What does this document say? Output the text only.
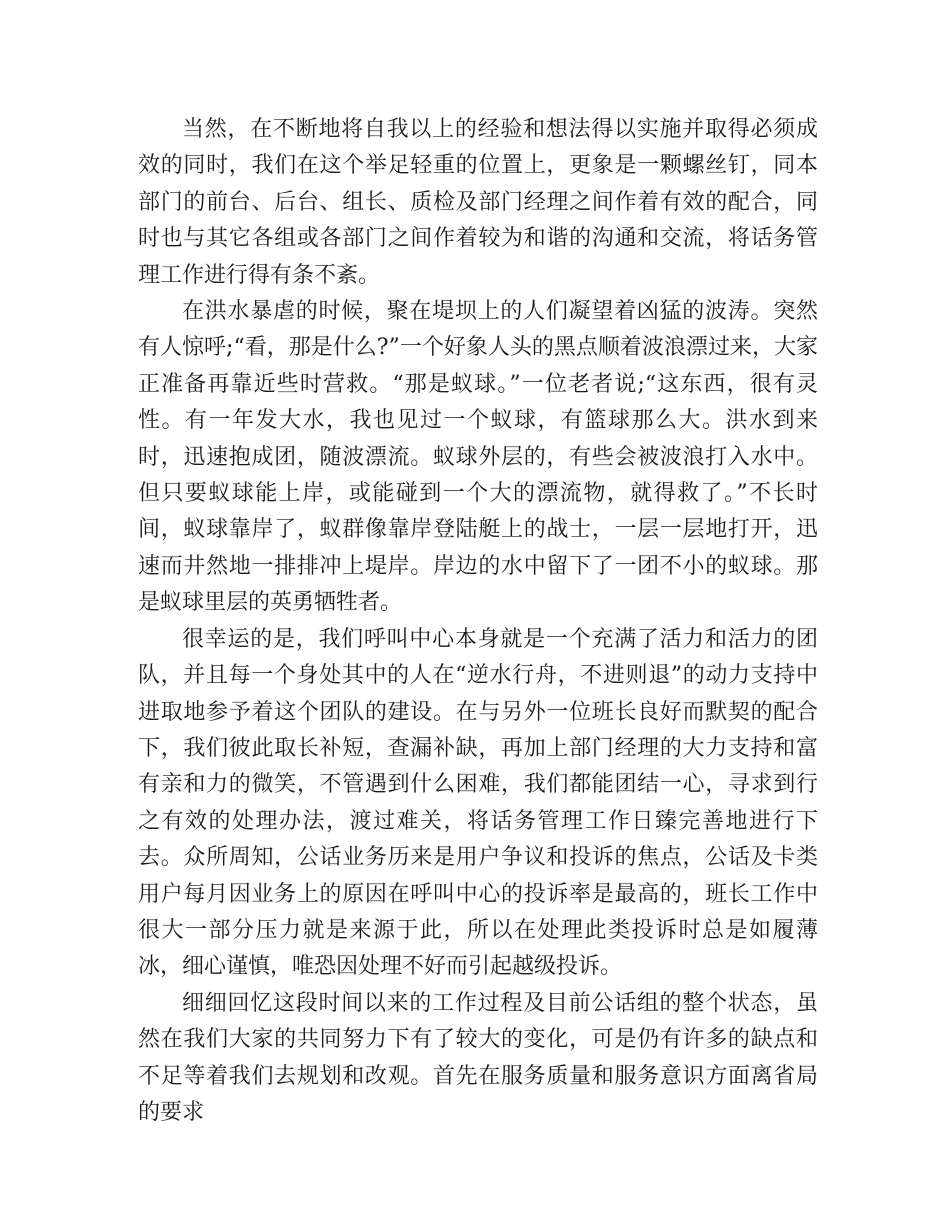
当然，在不断地将自我以上的经验和想法得以实施并取得必须成效的同时，我们在这个举足轻重的位置上，更象是一颗螺丝钉，同本部门的前台、后台、组长、质检及部门经理之间作着有效的配合，同时也与其它各组或各部门之间作着较为和谐的沟通和交流，将话务管理工作进行得有条不紊。

在洪水暴虐的时候，聚在堤坝上的人们凝望着凶猛的波涛。突然有人惊呼;“看，那是什么?”一个好象人头的黑点顺着波浪漂过来，大家正准备再靠近些时营救。“那是蚁球。”一位老者说;“这东西，很有灵性。有一年发大水，我也见过一个蚁球，有篮球那么大。洪水到来时，迅速抱成团，随波漂流。蚁球外层的，有些会被波浪打入水中。但只要蚁球能上岸，或能碰到一个大的漂流物，就得救了。”不长时间，蚁球靠岸了，蚁群像靠岸登陆艇上的战士，一层一层地打开，迅速而井然地一排排冲上堤岸。岸边的水中留下了一团不小的蚁球。那是蚁球里层的英勇牺牲者。

很幸运的是，我们呼叫中心本身就是一个充满了活力和活力的团队，并且每一个身处其中的人在“逆水行舟，不进则退”的动力支持中进取地参予着这个团队的建设。在与另外一位班长良好而默契的配合下，我们彼此取长补短，查漏补缺，再加上部门经理的大力支持和富有亲和力的微笑，不管遇到什么困难，我们都能团结一心，寻求到行之有效的处理办法，渡过难关，将话务管理工作日臻完善地进行下去。众所周知，公话业务历来是用户争议和投诉的焦点，公话及卡类用户每月因业务上的原因在呼叫中心的投诉率是最高的，班长工作中很大一部分压力就是来源于此，所以在处理此类投诉时总是如履薄冰，细心谨慎，唯恐因处理不好而引起越级投诉。

细细回忆这段时间以来的工作过程及目前公话组的整个状态，虽然在我们大家的共同努力下有了较大的变化，可是仍有许多的缺点和不足等着我们去规划和改观。首先在服务质量和服务意识方面离省局的要求
